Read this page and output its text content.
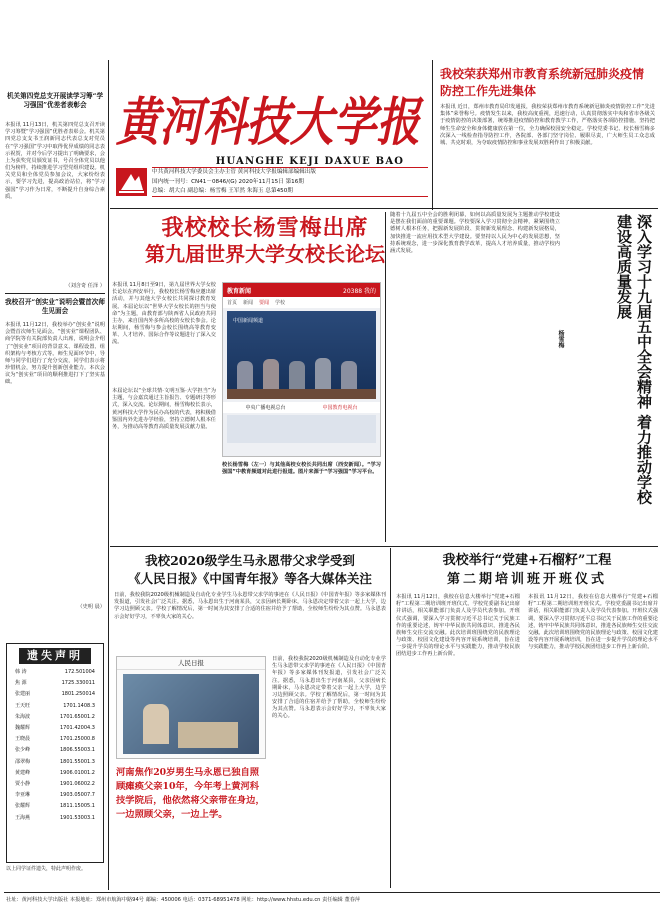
机关第四党总支开展读学习筹“学习强国”优差者表彰会
本报讯 11月13日，机关第四党总支召开读学习筹暨“学习强国”优胜者表彰会。机关第四党总支支书王润新同志代表总支对党员在“学习强国”学习中取得优异成绩的同志表示祝贺，并对今后学习提出了明确要求，会上为获奖党员颁发证书，号召全体党员以他们为榜样，持续推进学习型党组织建设。机关党员和全体党员参加会议，大家纷纷表示，要学习先进，提高政治站位，将“学习强国”学习作为日常，不断提升自身综合素质。
（刘含奇 任泽 ）
我校召开“创实业”说明会暨首次师生见面会
本报讯 11月12日，我校举办“创实业”说明会暨首次师生见面会。“创实业”课程团队、商学院等有关院部负责人出席，说明会介绍了“创实业”项目的背景意义、课程设置、组织架构与考核方式等。师生见面环节中，导师与同学们进行了充分交流，同学们表示将珍惜机会，努力提升创新创业能力。本次会议为“创实业”项目的顺利推进打下了坚实基础。
（史明 晨）
遗失声明
韩 涛	172.501004
焦 源	1725.330011
张建丽	1801.250014
王天旺	1701.1408.3
朱海波	1701.65001.2
魏耀辉	1701.42004.3
王晓晨	1701.25000.8
张少峰	1806.55003.1
邵翠梅	1801.55001.3
黄建峰	1906.01001.2
贾小静	1901.06002.2
李亚琳	1903.05007.7
张耀辉	1811.15005.1
王海燕	1901.53003.1
以上同学证件遗失，特此声明作废。
黄河科技大学报
HUANGHE KEJI DAXUE BAO
中共黄河科技大学委员会主办主管 黄河科技大学报编辑部编辑出版
国内统一刊号：CN41－0846/(G) 2020年11月15日 第16期
总编：胡大白 副总编：杨雪梅 王军然 朱海玉 总第450期
我校荣获郑州市教育系统新冠肺炎疫情防控工作先进集体
本报讯 近日，郑州市教育局印发通报，我校荣获郑州市教育系统新冠肺炎疫情防控工作“先进集体”荣誉称号。疫情发生以来，我校高度重视，迅速行动，认真贯彻落实中央和省市各级关于疫情防控的决策部署，统筹推进疫情防控和教育教学工作，严格落实各项防控措施，坚持把师生生命安全和身体健康放在第一位，全力确保校园安全稳定。学校党委书记、校长杨雪梅多次深入一线检查指导防控工作，各院部、各部门坚守岗位、履职尽责，广大师生员工众志成城、共克时艰，为夺取疫情防控和事业发展双胜利作出了积极贡献。
我校校长杨雪梅出席
第九届世界大学女校长论坛
本报讯 11月8日至9日，第九届世界大学女校长论坛在西安举行，我校校长杨雪梅应邀出席活动，并与其他大学女校长共同探讨教育发展。本届论坛以“世界大学女校长的担当与使命”为主题，由教育部与陕西省人民政府共同主办，来自国内外多所高校的女校长参会。论坛期间，杨雪梅与参会校长围绕高等教育变革、人才培养、国际合作等议题进行了深入交流。
本届论坛以“全球共情·文明互鉴·大学担当”为主题，与会嘉宾通过主旨报告、专题研讨等形式，深入交流。论坛期间，杨雪梅校长表示，黄河科技大学作为民办高校的代表，将积极借鉴国内外先进办学经验，坚持立德树人根本任务，为推动高等教育高质量发展贡献力量。
教育新闻	20388 我的
首页 新闻 要闻 学校
中国新闻频道
中央广播电视总台	中国教育电视台
校长杨雪梅（左一）与其他高校女校长共同出席（西安新闻）。“学习强国”中教育频道对此进行报道。图片来源于“学习强国”学习平台。
随着十九届五中全会的胜利闭幕，如何以高质量发展为主题推动学校建设是摆在我们面前的重要课题。学校要深入学习贯彻全会精神，紧紧围绕立德树人根本任务，把握新发展阶段、贯彻新发展理念、构建新发展格局，加快推进一流应用技术型大学建设。要坚持以人民为中心的发展思想，坚持系统观念，进一步深化教育教学改革，提高人才培养质量，推动学校内涵式发展。	深入学习十九届五中全会精神 着力推动学校建设高质量发展
杨雪梅
我校2020级学生马永恩带父求学受到
《人民日报》《中国青年报》等各大媒体关注
日前，我校我院2020级机械制造及自动化专业学生马永恩带父求学的事迹在《人民日报》《中国青年报》等多家媒体刊发报道，引发社会广泛关注。据悉，马永恩出生于河南某县，父亲因病长期卧床，马永恩决定带着父亲一起上大学，边学习边照顾父亲。学校了解情况后，第一时间为其安排了合适的住宿并给予了帮助，全校师生纷纷为其点赞。马永恩表示会好好学习，不辜负大家的关心。
人民日报
河南焦作20岁男生马永恩已独自照顾瘫痪父亲10年，今年考上黄河科技学院后，他依然将父亲带在身边，一边照顾父亲，一边上学。
日前，我校我院2020级机械制造及自动化专业学生马永恩带父求学的事迹在《人民日报》《中国青年报》等多家媒体刊发报道，引发社会广泛关注。据悉，马永恩出生于河南某县，父亲因病长期卧床，马永恩决定带着父亲一起上大学，边学习边照顾父亲。学校了解情况后，第一时间为其安排了合适的住宿并给予了帮助，全校师生纷纷为其点赞。马永恩表示会好好学习，不辜负大家的关心。
我校举行“党建+石榴籽”工程
第二期培训班开班仪式
本报讯 11月12日，我校在信息大楼举行“党建+石榴籽”工程第二期培训班开班仪式。学校党委副书记出席并讲话，相关职能部门负责人及学员代表参加。开班仪式强调，要深入学习贯彻习近平总书记关于民族工作的重要论述，铸牢中华民族共同体意识，推进各民族师生交往交流交融。此次培训班围绕党的民族理论与政策、校园文化建设等内容开展系统培训，旨在进一步提升学员的理论水平与实践能力，推动学校民族团结进步工作再上新台阶。
本报讯 11月12日，我校在信息大楼举行“党建+石榴籽”工程第二期培训班开班仪式。学校党委副书记出席并讲话，相关职能部门负责人及学员代表参加。开班仪式强调，要深入学习贯彻习近平总书记关于民族工作的重要论述，铸牢中华民族共同体意识，推进各民族师生交往交流交融。此次培训班围绕党的民族理论与政策、校园文化建设等内容开展系统培训，旨在进一步提升学员的理论水平与实践能力，推动学校民族团结进步工作再上新台阶。
社址：黄河科技大学出版社 本报地址：郑州市航海中路94号 邮编：450006 电话：0371-68951478 网址：http://www.hhstu.edu.cn 责任编辑 董春萍
